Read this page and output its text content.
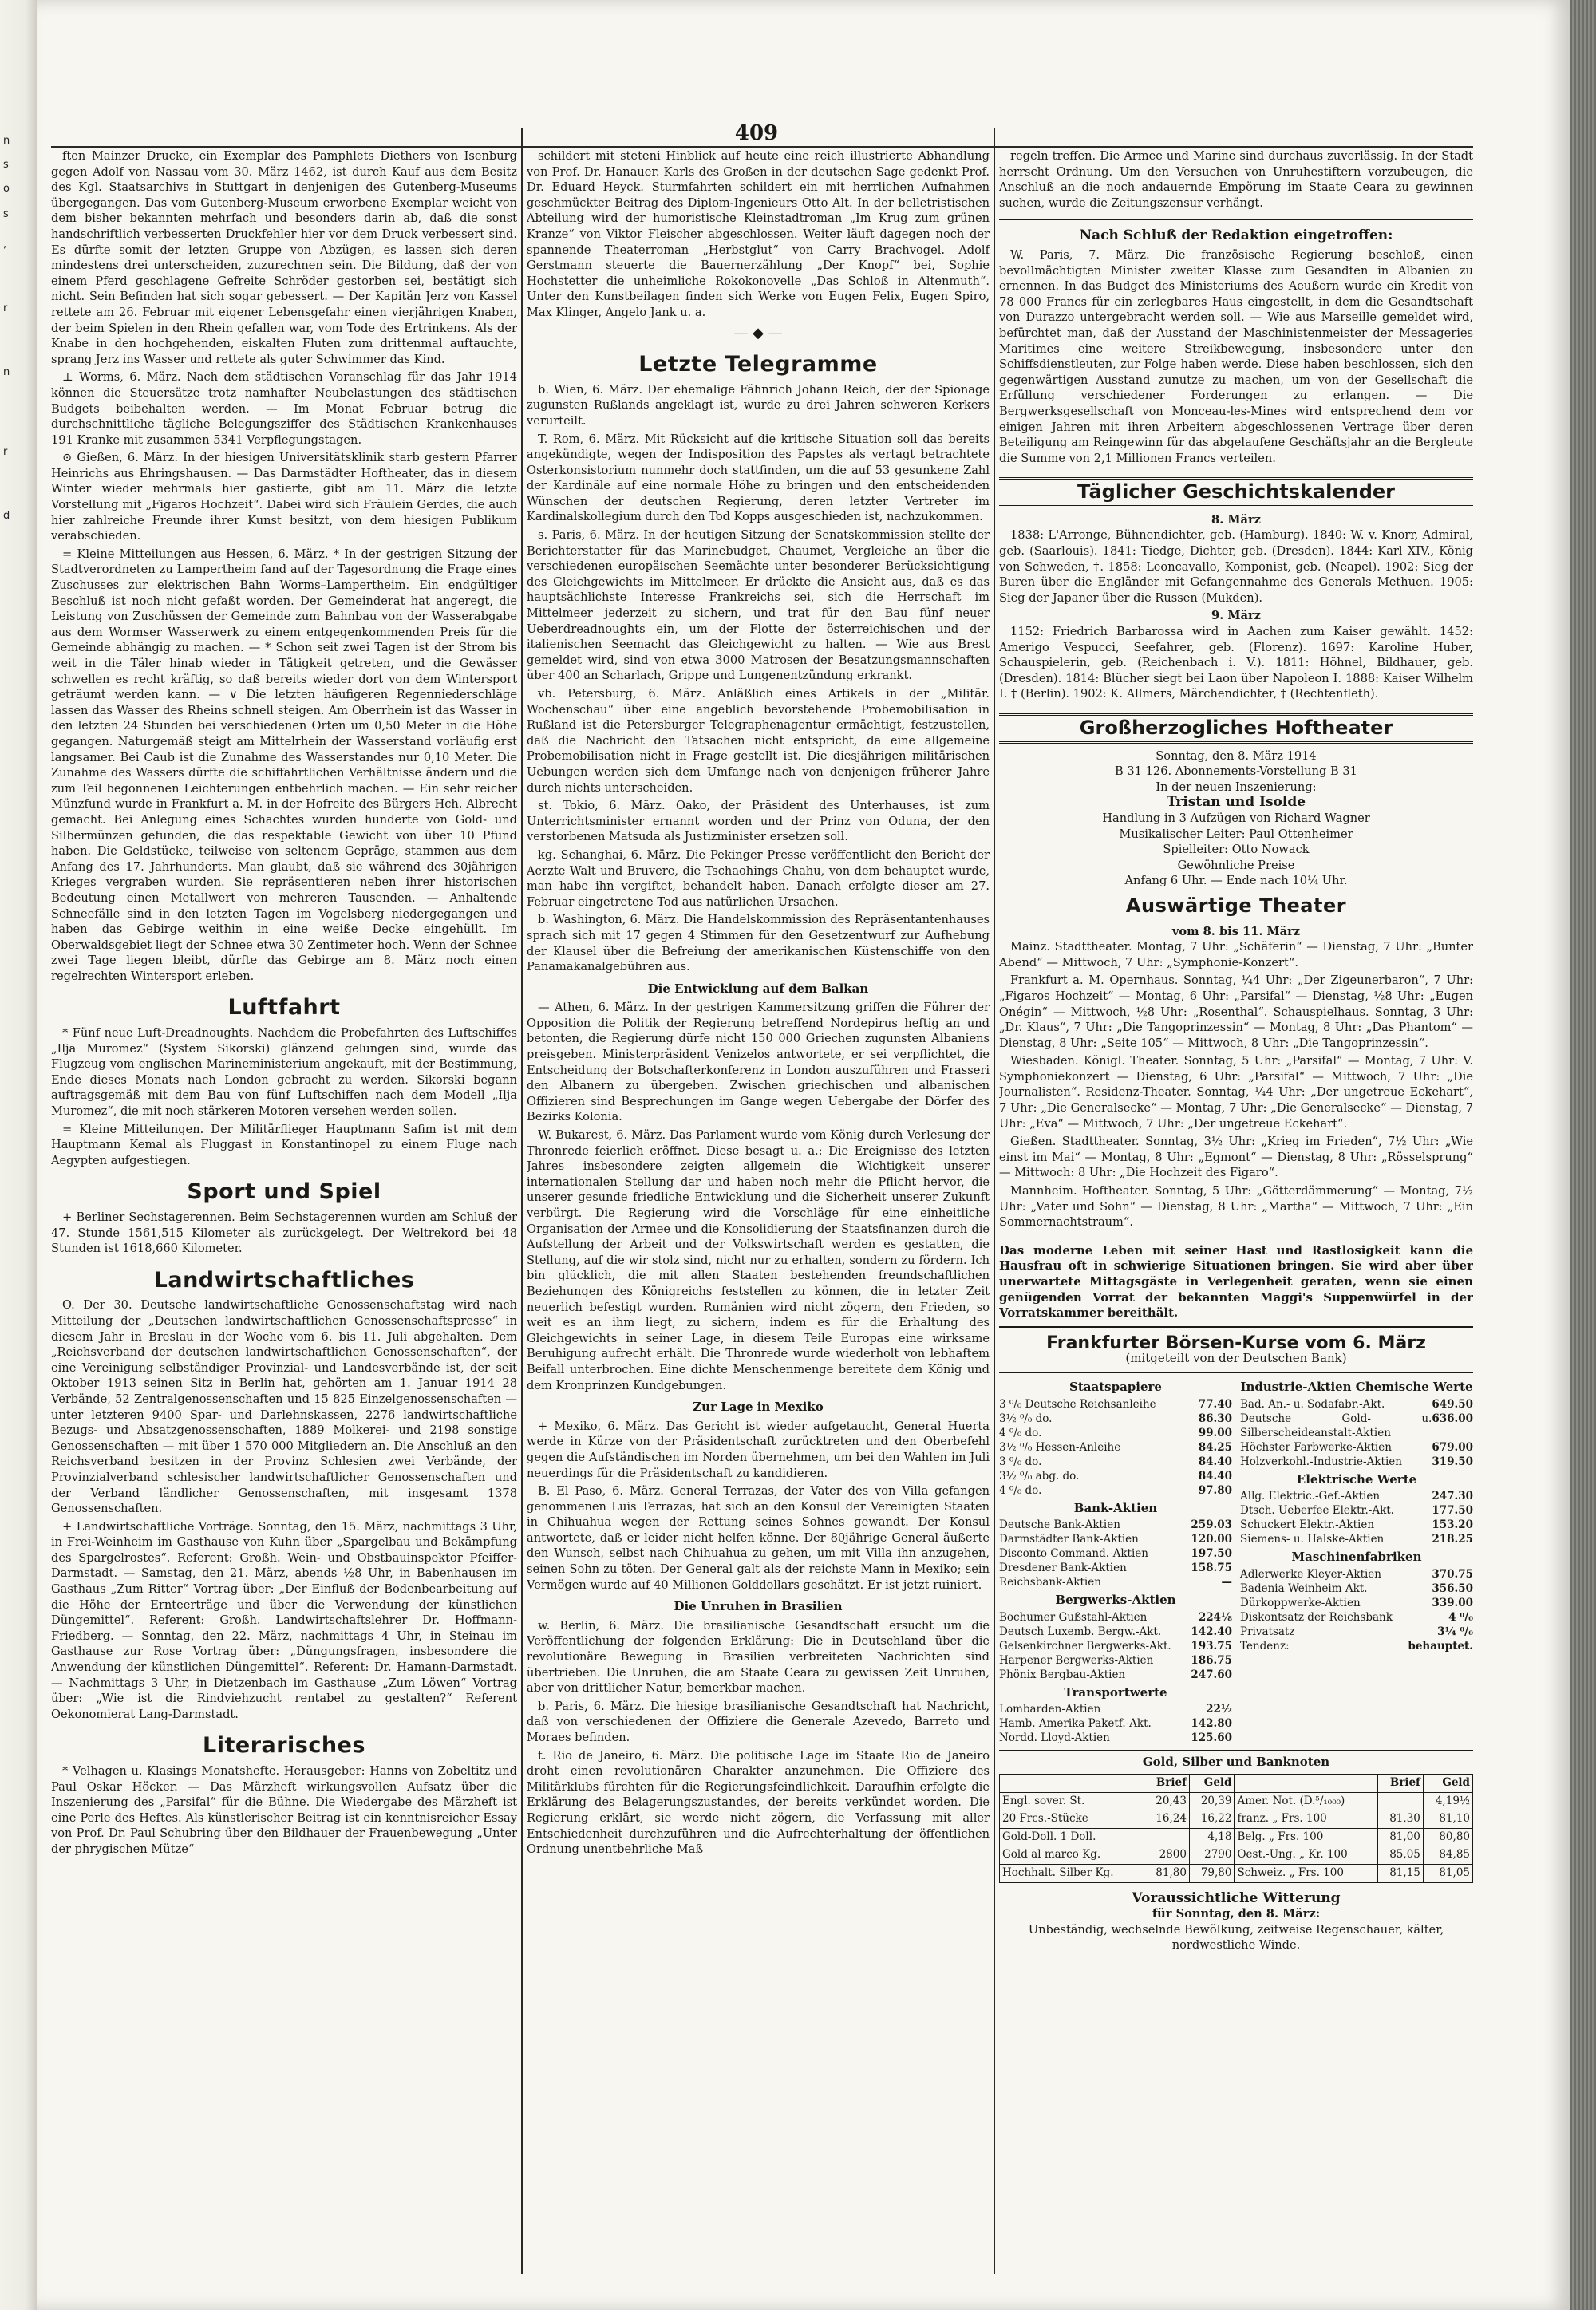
n
s
o
s
,
r
n
r
d
409

ften Mainzer Drucke, ein Exemplar des Pamphlets Diethers von Isenburg gegen Adolf von Nassau vom 30. März 1462, ist durch Kauf aus dem Besitz des Kgl. Staatsarchivs in Stuttgart in denjenigen des Gutenberg-Museums übergegangen. Das vom Gutenberg-Museum erworbene Exemplar weicht von dem bisher bekannten mehrfach und besonders darin ab, daß die sonst handschriftlich verbesserten Druckfehler hier vor dem Druck verbessert sind. Es dürfte somit der letzten Gruppe von Abzügen, es lassen sich deren mindestens drei unterscheiden, zuzurechnen sein. Die Bildung, daß der von einem Pferd geschlagene Gefreite Schröder gestorben sei, bestätigt sich nicht. Sein Befinden hat sich sogar gebessert. — Der Kapitän Jerz von Kassel rettete am 26. Februar mit eigener Lebensgefahr einen vierjährigen Knaben, der beim Spielen in den Rhein gefallen war, vom Tode des Ertrinkens. Als der Knabe in den hochgehenden, eiskalten Fluten zum drittenmal auftauchte, sprang Jerz ins Wasser und rettete als guter Schwimmer das Kind.

⊥ Worms, 6. März. Nach dem städtischen Voranschlag für das Jahr 1914 können die Steuersätze trotz namhafter Neubelastungen des städtischen Budgets beibehalten werden. — Im Monat Februar betrug die durchschnittliche tägliche Belegungsziffer des Städtischen Krankenhauses 191 Kranke mit zusammen 5341 Verpflegungstagen.

⊙ Gießen, 6. März. In der hiesigen Universitätsklinik starb gestern Pfarrer Heinrichs aus Ehringshausen. — Das Darmstädter Hoftheater, das in diesem Winter wieder mehrmals hier gastierte, gibt am 11. März die letzte Vorstellung mit „Figaros Hochzeit“. Dabei wird sich Fräulein Gerdes, die auch hier zahlreiche Freunde ihrer Kunst besitzt, von dem hiesigen Publikum verabschieden.

= Kleine Mitteilungen aus Hessen, 6. März. * In der gestrigen Sitzung der Stadtverordneten zu Lampertheim fand auf der Tagesordnung die Frage eines Zuschusses zur elektrischen Bahn Worms–Lampertheim. Ein endgültiger Beschluß ist noch nicht gefaßt worden. Der Gemeinderat hat angeregt, die Leistung von Zuschüssen der Gemeinde zum Bahnbau von der Wasserabgabe aus dem Wormser Wasserwerk zu einem entgegenkommenden Preis für die Gemeinde abhängig zu machen. — * Schon seit zwei Tagen ist der Strom bis weit in die Täler hinab wieder in Tätigkeit getreten, und die Gewässer schwellen es recht kräftig, so daß bereits wieder dort von dem Wintersport geträumt werden kann. — ∨ Die letzten häufigeren Regenniederschläge lassen das Wasser des Rheins schnell steigen. Am Oberrhein ist das Wasser in den letzten 24 Stunden bei verschiedenen Orten um 0,50 Meter in die Höhe gegangen. Naturgemäß steigt am Mittelrhein der Wasserstand vorläufig erst langsamer. Bei Caub ist die Zunahme des Wasserstandes nur 0,10 Meter. Die Zunahme des Wassers dürfte die schiffahrtlichen Verhältnisse ändern und die zum Teil begonnenen Leichterungen entbehrlich machen. — Ein sehr reicher Münzfund wurde in Frankfurt a. M. in der Hofreite des Bürgers Hch. Albrecht gemacht. Bei Anlegung eines Schachtes wurden hunderte von Gold- und Silbermünzen gefunden, die das respektable Gewicht von über 10 Pfund haben. Die Geldstücke, teilweise von seltenem Gepräge, stammen aus dem Anfang des 17. Jahrhunderts. Man glaubt, daß sie während des 30jährigen Krieges vergraben wurden. Sie repräsentieren neben ihrer historischen Bedeutung einen Metallwert von mehreren Tausenden. — Anhaltende Schneefälle sind in den letzten Tagen im Vogelsberg niedergegangen und haben das Gebirge weithin in eine weiße Decke eingehüllt. Im Oberwaldsgebiet liegt der Schnee etwa 30 Zentimeter hoch. Wenn der Schnee zwei Tage liegen bleibt, dürfte das Gebirge am 8. März noch einen regelrechten Wintersport erleben.

Luftfahrt

* Fünf neue Luft-Dreadnoughts. Nachdem die Probefahrten des Luftschiffes „Ilja Muromez“ (System Sikorski) glänzend gelungen sind, wurde das Flugzeug vom englischen Marineministerium angekauft, mit der Bestimmung, Ende dieses Monats nach London gebracht zu werden. Sikorski begann auftragsgemäß mit dem Bau von fünf Luftschiffen nach dem Modell „Ilja Muromez“, die mit noch stärkeren Motoren versehen werden sollen.

= Kleine Mitteilungen. Der Militärflieger Hauptmann Safim ist mit dem Hauptmann Kemal als Fluggast in Konstantinopel zu einem Fluge nach Aegypten aufgestiegen.

Sport und Spiel

+ Berliner Sechstagerennen. Beim Sechstagerennen wurden am Schluß der 47. Stunde 1561,515 Kilometer als zurückgelegt. Der Weltrekord bei 48 Stunden ist 1618,660 Kilometer.

Landwirtschaftliches

O. Der 30. Deutsche landwirtschaftliche Genossenschaftstag wird nach Mitteilung der „Deutschen landwirtschaftlichen Genossenschaftspresse“ in diesem Jahr in Breslau in der Woche vom 6. bis 11. Juli abgehalten. Dem „Reichsverband der deutschen landwirtschaftlichen Genossenschaften“, der eine Vereinigung selbständiger Provinzial- und Landesverbände ist, der seit Oktober 1913 seinen Sitz in Berlin hat, gehörten am 1. Januar 1914 28 Verbände, 52 Zentralgenossenschaften und 15 825 Einzelgenossenschaften — unter letzteren 9400 Spar- und Darlehnskassen, 2276 landwirtschaftliche Bezugs- und Absatzgenossenschaften, 1889 Molkerei- und 2198 sonstige Genossenschaften — mit über 1 570 000 Mitgliedern an. Die Anschluß an den Reichsverband besitzen in der Provinz Schlesien zwei Verbände, der Provinzialverband schlesischer landwirtschaftlicher Genossenschaften und der Verband ländlicher Genossenschaften, mit insgesamt 1378 Genossenschaften.

+ Landwirtschaftliche Vorträge. Sonntag, den 15. März, nachmittags 3 Uhr, in Frei-Weinheim im Gasthause von Kuhn über „Spargelbau und Bekämpfung des Spargelrostes“. Referent: Großh. Wein- und Obstbauinspektor Pfeiffer-Darmstadt. — Samstag, den 21. März, abends ½8 Uhr, in Babenhausen im Gasthaus „Zum Ritter“ Vortrag über: „Der Einfluß der Bodenbearbeitung auf die Höhe der Ernteerträge und über die Verwendung der künstlichen Düngemittel“. Referent: Großh. Landwirtschaftslehrer Dr. Hoffmann-Friedberg. — Sonntag, den 22. März, nachmittags 4 Uhr, in Steinau im Gasthause zur Rose Vortrag über: „Düngungsfragen, insbesondere die Anwendung der künstlichen Düngemittel“. Referent: Dr. Hamann-Darmstadt. — Nachmittags 3 Uhr, in Dietzenbach im Gasthause „Zum Löwen“ Vortrag über: „Wie ist die Rindviehzucht rentabel zu gestalten?“ Referent Oekonomierat Lang-Darmstadt.

Literarisches

* Velhagen u. Klasings Monatshefte. Herausgeber: Hanns von Zobeltitz und Paul Oskar Höcker. — Das Märzheft wirkungsvollen Aufsatz über die Inszenierung des „Parsifal“ für die Bühne. Die Wiedergabe des Märzheft ist eine Perle des Heftes. Als künstlerischer Beitrag ist ein kenntnisreicher Essay von Prof. Dr. Paul Schubring über den Bildhauer der Frauenbewegung „Unter der phrygischen Mütze“

schildert mit steteni Hinblick auf heute eine reich illustrierte Abhandlung von Prof. Dr. Hanauer. Karls des Großen in der deutschen Sage gedenkt Prof. Dr. Eduard Heyck. Sturmfahrten schildert ein mit herrlichen Aufnahmen geschmückter Beitrag des Diplom-Ingenieurs Otto Alt. In der belletristischen Abteilung wird der humoristische Kleinstadtroman „Im Krug zum grünen Kranze“ von Viktor Fleischer abgeschlossen. Weiter läuft dagegen noch der spannende Theaterroman „Herbstglut“ von Carry Brachvogel. Adolf Gerstmann steuerte die Bauernerzählung „Der Knopf“ bei, Sophie Hochstetter die unheimliche Rokokonovelle „Das Schloß in Altenmuth“. Unter den Kunstbeilagen finden sich Werke von Eugen Felix, Eugen Spiro, Max Klinger, Angelo Jank u. a.

— ◆ —
Letzte Telegramme

b. Wien, 6. März. Der ehemalige Fähnrich Johann Reich, der der Spionage zugunsten Rußlands angeklagt ist, wurde zu drei Jahren schweren Kerkers verurteilt.

T. Rom, 6. März. Mit Rücksicht auf die kritische Situation soll das bereits angekündigte, wegen der Indisposition des Papstes als vertagt betrachtete Osterkonsistorium nunmehr doch stattfinden, um die auf 53 gesunkene Zahl der Kardinäle auf eine normale Höhe zu bringen und den entscheidenden Wünschen der deutschen Regierung, deren letzter Vertreter im Kardinalskollegium durch den Tod Kopps ausgeschieden ist, nachzukommen.

s. Paris, 6. März. In der heutigen Sitzung der Senatskommission stellte der Berichterstatter für das Marinebudget, Chaumet, Vergleiche an über die verschiedenen europäischen Seemächte unter besonderer Berücksichtigung des Gleichgewichts im Mittelmeer. Er drückte die Ansicht aus, daß es das hauptsächlichste Interesse Frankreichs sei, sich die Herrschaft im Mittelmeer jederzeit zu sichern, und trat für den Bau fünf neuer Ueberdreadnoughts ein, um der Flotte der österreichischen und der italienischen Seemacht das Gleichgewicht zu halten. — Wie aus Brest gemeldet wird, sind von etwa 3000 Matrosen der Besatzungsmannschaften über 400 an Scharlach, Grippe und Lungenentzündung erkrankt.

vb. Petersburg, 6. März. Anläßlich eines Artikels in der „Militär. Wochenschau“ über eine angeblich bevorstehende Probemobilisation in Rußland ist die Petersburger Telegraphenagentur ermächtigt, festzustellen, daß die Nachricht den Tatsachen nicht entspricht, da eine allgemeine Probemobilisation nicht in Frage gestellt ist. Die diesjährigen militärischen Uebungen werden sich dem Umfange nach von denjenigen früherer Jahre durch nichts unterscheiden.

st. Tokio, 6. März. Oako, der Präsident des Unterhauses, ist zum Unterrichtsminister ernannt worden und der Prinz von Oduna, der den verstorbenen Matsuda als Justizminister ersetzen soll.

kg. Schanghai, 6. März. Die Pekinger Presse veröffentlicht den Bericht der Aerzte Walt und Bruvere, die Tschaohings Chahu, von dem behauptet wurde, man habe ihn vergiftet, behandelt haben. Danach erfolgte dieser am 27. Februar eingetretene Tod aus natürlichen Ursachen.

b. Washington, 6. März. Die Handelskommission des Repräsentantenhauses sprach sich mit 17 gegen 4 Stimmen für den Gesetzentwurf zur Aufhebung der Klausel über die Befreiung der amerikanischen Küstenschiffe von den Panamakanalgebühren aus.

Die Entwicklung auf dem Balkan

— Athen, 6. März. In der gestrigen Kammersitzung griffen die Führer der Opposition die Politik der Regierung betreffend Nordepirus heftig an und betonten, die Regierung dürfe nicht 150 000 Griechen zugunsten Albaniens preisgeben. Ministerpräsident Venizelos antwortete, er sei verpflichtet, die Entscheidung der Botschafterkonferenz in London auszuführen und Frasseri den Albanern zu übergeben. Zwischen griechischen und albanischen Offizieren sind Besprechungen im Gange wegen Uebergabe der Dörfer des Bezirks Kolonia.

W. Bukarest, 6. März. Das Parlament wurde vom König durch Verlesung der Thronrede feierlich eröffnet. Diese besagt u. a.: Die Ereignisse des letzten Jahres insbesondere zeigten allgemein die Wichtigkeit unserer internationalen Stellung dar und haben noch mehr die Pflicht hervor, die unserer gesunde friedliche Entwicklung und die Sicherheit unserer Zukunft verbürgt. Die Regierung wird die Vorschläge für eine einheitliche Organisation der Armee und die Konsolidierung der Staatsfinanzen durch die Aufstellung der Arbeit und der Volkswirtschaft werden es gestatten, die Stellung, auf die wir stolz sind, nicht nur zu erhalten, sondern zu fördern. Ich bin glücklich, die mit allen Staaten bestehenden freundschaftlichen Beziehungen des Königreichs feststellen zu können, die in letzter Zeit neuerlich befestigt wurden. Rumänien wird nicht zögern, den Frieden, so weit es an ihm liegt, zu sichern, indem es für die Erhaltung des Gleichgewichts in seiner Lage, in diesem Teile Europas eine wirksame Beruhigung aufrecht erhält. Die Thronrede wurde wiederholt von lebhaftem Beifall unterbrochen. Eine dichte Menschenmenge bereitete dem König und dem Kronprinzen Kundgebungen.

Zur Lage in Mexiko

+ Mexiko, 6. März. Das Gericht ist wieder aufgetaucht, General Huerta werde in Kürze von der Präsidentschaft zurücktreten und den Oberbefehl gegen die Aufständischen im Norden übernehmen, um bei den Wahlen im Juli neuerdings für die Präsidentschaft zu kandidieren.

B. El Paso, 6. März. General Terrazas, der Vater des von Villa gefangen genommenen Luis Terrazas, hat sich an den Konsul der Vereinigten Staaten in Chihuahua wegen der Rettung seines Sohnes gewandt. Der Konsul antwortete, daß er leider nicht helfen könne. Der 80jährige General äußerte den Wunsch, selbst nach Chihuahua zu gehen, um mit Villa ihn anzugehen, seinen Sohn zu töten. Der General galt als der reichste Mann in Mexiko; sein Vermögen wurde auf 40 Millionen Golddollars geschätzt. Er ist jetzt ruiniert.

Die Unruhen in Brasilien

w. Berlin, 6. März. Die brasilianische Gesandtschaft ersucht um die Veröffentlichung der folgenden Erklärung: Die in Deutschland über die revolutionäre Bewegung in Brasilien verbreiteten Nachrichten sind übertrieben. Die Unruhen, die am Staate Ceara zu gewissen Zeit Unruhen, aber von drittlicher Natur, bemerkbar machen.

b. Paris, 6. März. Die hiesige brasilianische Gesandtschaft hat Nachricht, daß von verschiedenen der Offiziere die Generale Azevedo, Barreto und Moraes befinden.

t. Rio de Janeiro, 6. März. Die politische Lage im Staate Rio de Janeiro droht einen revolutionären Charakter anzunehmen. Die Offiziere des Militärklubs fürchten für die Regierungsfeindlichkeit. Daraufhin erfolgte die Erklärung des Belagerungszustandes, der bereits verkündet worden. Die Regierung erklärt, sie werde nicht zögern, die Verfassung mit aller Entschiedenheit durchzuführen und die Aufrechterhaltung der öffentlichen Ordnung unentbehrliche Maß

regeln treffen. Die Armee und Marine sind durchaus zuverlässig. In der Stadt herrscht Ordnung. Um den Versuchen von Unruhestiftern vorzubeugen, die Anschluß an die noch andauernde Empörung im Staate Ceara zu gewinnen suchen, wurde die Zeitungszensur verhängt.

Nach Schluß der Redaktion eingetroffen:

W. Paris, 7. März. Die französische Regierung beschloß, einen bevollmächtigten Minister zweiter Klasse zum Gesandten in Albanien zu ernennen. In das Budget des Ministeriums des Aeußern wurde ein Kredit von 78 000 Francs für ein zerlegbares Haus eingestellt, in dem die Gesandtschaft von Durazzo untergebracht werden soll. — Wie aus Marseille gemeldet wird, befürchtet man, daß der Ausstand der Maschinistenmeister der Messageries Maritimes eine weitere Streikbewegung, insbesondere unter den Schiffsdienstleuten, zur Folge haben werde. Diese haben beschlossen, sich den gegenwärtigen Ausstand zunutze zu machen, um von der Gesellschaft die Erfüllung verschiedener Forderungen zu erlangen. — Die Bergwerksgesellschaft von Monceau-les-Mines wird entsprechend dem vor einigen Jahren mit ihren Arbeitern abgeschlossenen Vertrage über deren Beteiligung am Reingewinn für das abgelaufene Geschäftsjahr an die Bergleute die Summe von 2,1 Millionen Francs verteilen.

Täglicher Geschichtskalender
8. März

1838: L'Arronge, Bühnendichter, geb. (Hamburg). 1840: W. v. Knorr, Admiral, geb. (Saarlouis). 1841: Tiedge, Dichter, geb. (Dresden). 1844: Karl XIV., König von Schweden, †. 1858: Leoncavallo, Komponist, geb. (Neapel). 1902: Sieg der Buren über die Engländer mit Gefangennahme des Generals Methuen. 1905: Sieg der Japaner über die Russen (Mukden).

9. März

1152: Friedrich Barbarossa wird in Aachen zum Kaiser gewählt. 1452: Amerigo Vespucci, Seefahrer, geb. (Florenz). 1697: Karoline Huber, Schauspielerin, geb. (Reichenbach i. V.). 1811: Höhnel, Bildhauer, geb. (Dresden). 1814: Blücher siegt bei Laon über Napoleon I. 1888: Kaiser Wilhelm I. † (Berlin). 1902: K. Allmers, Märchendichter, † (Rechtenfleth).

Großherzogliches Hoftheater
Sonntag, den 8. März 1914
B 31 126. Abonnements-Vorstellung B 31
In der neuen Inszenierung:
Tristan und Isolde
Handlung in 3 Aufzügen von Richard Wagner
Musikalischer Leiter: Paul Ottenheimer
Spielleiter: Otto Nowack
Gewöhnliche Preise
Anfang 6 Uhr. — Ende nach 10¼ Uhr.
Auswärtige Theater
vom 8. bis 11. März

Mainz. Stadttheater. Montag, 7 Uhr: „Schäferin“ — Dienstag, 7 Uhr: „Bunter Abend“ — Mittwoch, 7 Uhr: „Symphonie-Konzert“.

Frankfurt a. M. Opernhaus. Sonntag, ¼4 Uhr: „Der Zigeunerbaron“, 7 Uhr: „Figaros Hochzeit“ — Montag, 6 Uhr: „Parsifal“ — Dienstag, ½8 Uhr: „Eugen Onégin“ — Mittwoch, ½8 Uhr: „Rosenthal“. Schauspielhaus. Sonntag, 3 Uhr: „Dr. Klaus“, 7 Uhr: „Die Tangoprinzessin“ — Montag, 8 Uhr: „Das Phantom“ — Dienstag, 8 Uhr: „Seite 105“ — Mittwoch, 8 Uhr: „Die Tangoprinzessin“.

Wiesbaden. Königl. Theater. Sonntag, 5 Uhr: „Parsifal“ — Montag, 7 Uhr: V. Symphoniekonzert — Dienstag, 6 Uhr: „Parsifal“ — Mittwoch, 7 Uhr: „Die Journalisten“. Residenz-Theater. Sonntag, ¼4 Uhr: „Der ungetreue Eckehart“, 7 Uhr: „Die Generalsecke“ — Montag, 7 Uhr: „Die Generalsecke“ — Dienstag, 7 Uhr: „Eva“ — Mittwoch, 7 Uhr: „Der ungetreue Eckehart“.

Gießen. Stadttheater. Sonntag, 3½ Uhr: „Krieg im Frieden“, 7½ Uhr: „Wie einst im Mai“ — Montag, 8 Uhr: „Egmont“ — Dienstag, 8 Uhr: „Rösselsprung“ — Mittwoch: 8 Uhr: „Die Hochzeit des Figaro“.

Mannheim. Hoftheater. Sonntag, 5 Uhr: „Götterdämmerung“ — Montag, 7½ Uhr: „Vater und Sohn“ — Dienstag, 8 Uhr: „Martha“ — Mittwoch, 7 Uhr: „Ein Sommernachtstraum“.

Das moderne Leben mit seiner Hast und Rastlosigkeit kann die Hausfrau oft in schwierige Situationen bringen. Sie wird aber über unerwartete Mittagsgäste in Verlegenheit geraten, wenn sie einen genügenden Vorrat der bekannten Maggi's Suppenwürfel in der Vorratskammer bereithält.
Frankfurter Börsen-Kurse vom 6. März
(mitgeteilt von der Deutschen Bank)
Staatspapiere
3 ⁰/₀ Deutsche Reichsanleihe	77.40
3½ ⁰/₀ do.	86.30
4 ⁰/₀ do.	99.00
3½ ⁰/₀ Hessen-Anleihe	84.25
3 ⁰/₀ do.	84.40
3½ ⁰/₀ abg. do.	84.40
4 ⁰/₀ do.	97.80
Bank-Aktien
Deutsche Bank-Aktien	259.03
Darmstädter Bank-Aktien	120.00
Disconto Command.-Aktien	197.50
Dresdener Bank-Aktien	158.75
Reichsbank-Aktien	—
Bergwerks-Aktien
Bochumer Gußstahl-Aktien	224⅛
Deutsch Luxemb. Bergw.-Akt.	142.40
Gelsenkirchner Bergwerks-Akt. 193.75
Harpener Bergwerks-Aktien	186.75
Phönix Bergbau-Aktien	247.60
Transportwerte
Lombarden-Aktien	22½
Hamb. Amerika Paketf.-Akt.	142.80
Nordd. Lloyd-Aktien	125.60
Industrie-Aktien Chemische Werte
Bad. An.- u. Sodafabr.-Akt.	649.50
Deutsche Gold- u. Silberscheideanstalt-Aktien
636.00
Höchster Farbwerke-Aktien	679.00
Holzverkohl.-Industrie-Aktien	319.50
Elektrische Werte
Allg. Elektric.-Gef.-Aktien	247.30
Dtsch. Ueberfee Elektr.-Akt.	177.50
Schuckert Elektr.-Aktien	153.20
Siemens- u. Halske-Aktien	218.25
Maschinenfabriken
Adlerwerke Kleyer-Aktien	370.75
Badenia Weinheim Akt.	356.50
Dürkoppwerke-Aktien	339.00
Diskontsatz der Reichsbank	4 ⁰/₀
Privatsatz	3¼ ⁰/₀
Tendenz:	behauptet.
Gold, Silber und Banknoten
	Brief	Geld		Brief	Geld
Engl. sover. St.	20,43	20,39	Amer. Not. (D.⁵/₁₀₀₀)		4,19½
20 Frcs.-Stücke	16,24	16,22	franz. „ Frs. 100	81,30	81,10
Gold-Doll. 1 Doll.		4,18	Belg. „ Frs. 100	81,00	80,80
Gold al marco Kg.	2800	2790	Oest.-Ung. „ Kr. 100	85,05	84,85
Hochhalt. Silber Kg.	81,80	79,80	Schweiz. „ Frs. 100	81,15	81,05
Voraussichtliche Witterung
für Sonntag, den 8. März:
Unbeständig, wechselnde Bewölkung, zeitweise Regenschauer, kälter, nordwestliche Winde.
